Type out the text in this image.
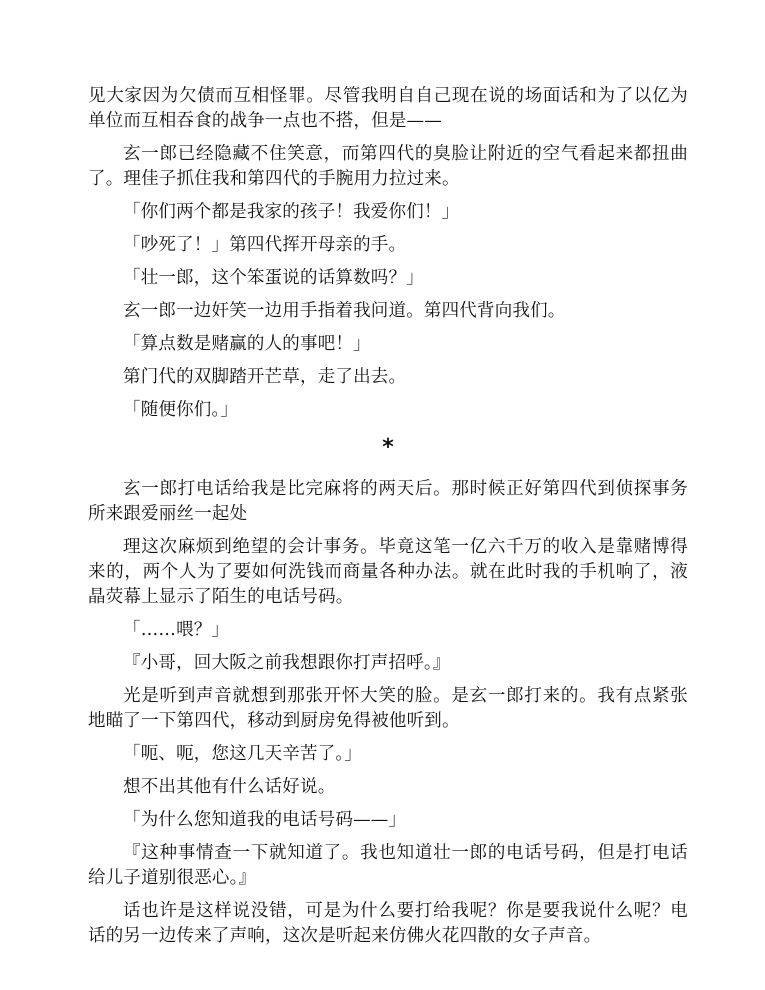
见大家因为欠债而互相怪罪。尽管我明自自己现在说的场面话和为了以亿为单位而互相吞食的战争一点也不搭，但是——

玄一郎已经隐藏不住笑意，而第四代的臭脸让附近的空气看起来都扭曲了。理佳子抓住我和第四代的手腕用力拉过来。

「你们两个都是我家的孩子！我爱你们！」

「吵死了！」第四代挥开母亲的手。

「壮一郎，这个笨蛋说的话算数吗？」

玄一郎一边奸笑一边用手指着我问道。第四代背向我们。

「算点数是赌赢的人的事吧！」

第门代的双脚踏开芒草，走了出去。

「随便你们。」

*

玄一郎打电话给我是比完麻将的两天后。那时候正好第四代到侦探事务所来跟爱丽丝一起处

理这次麻烦到绝望的会计事务。毕竟这笔一亿六千万的收入是靠赌博得来的，两个人为了要如何洗钱而商量各种办法。就在此时我的手机响了，液晶荧幕上显示了陌生的电话号码。

「……喂？」

『小哥，回大阪之前我想跟你打声招呼。』

光是听到声音就想到那张开怀大笑的脸。是玄一郎打来的。我有点紧张地瞄了一下第四代，移动到厨房免得被他听到。

「呃、呃，您这几天辛苦了。」

想不出其他有什么话好说。

「为什么您知道我的电话号码——」

『这种事情查一下就知道了。我也知道壮一郎的电话号码，但是打电话给儿子道别很恶心。』

话也许是这样说没错，可是为什么要打给我呢？你是要我说什么呢？电话的另一边传来了声响，这次是听起来仿佛火花四散的女子声音。
